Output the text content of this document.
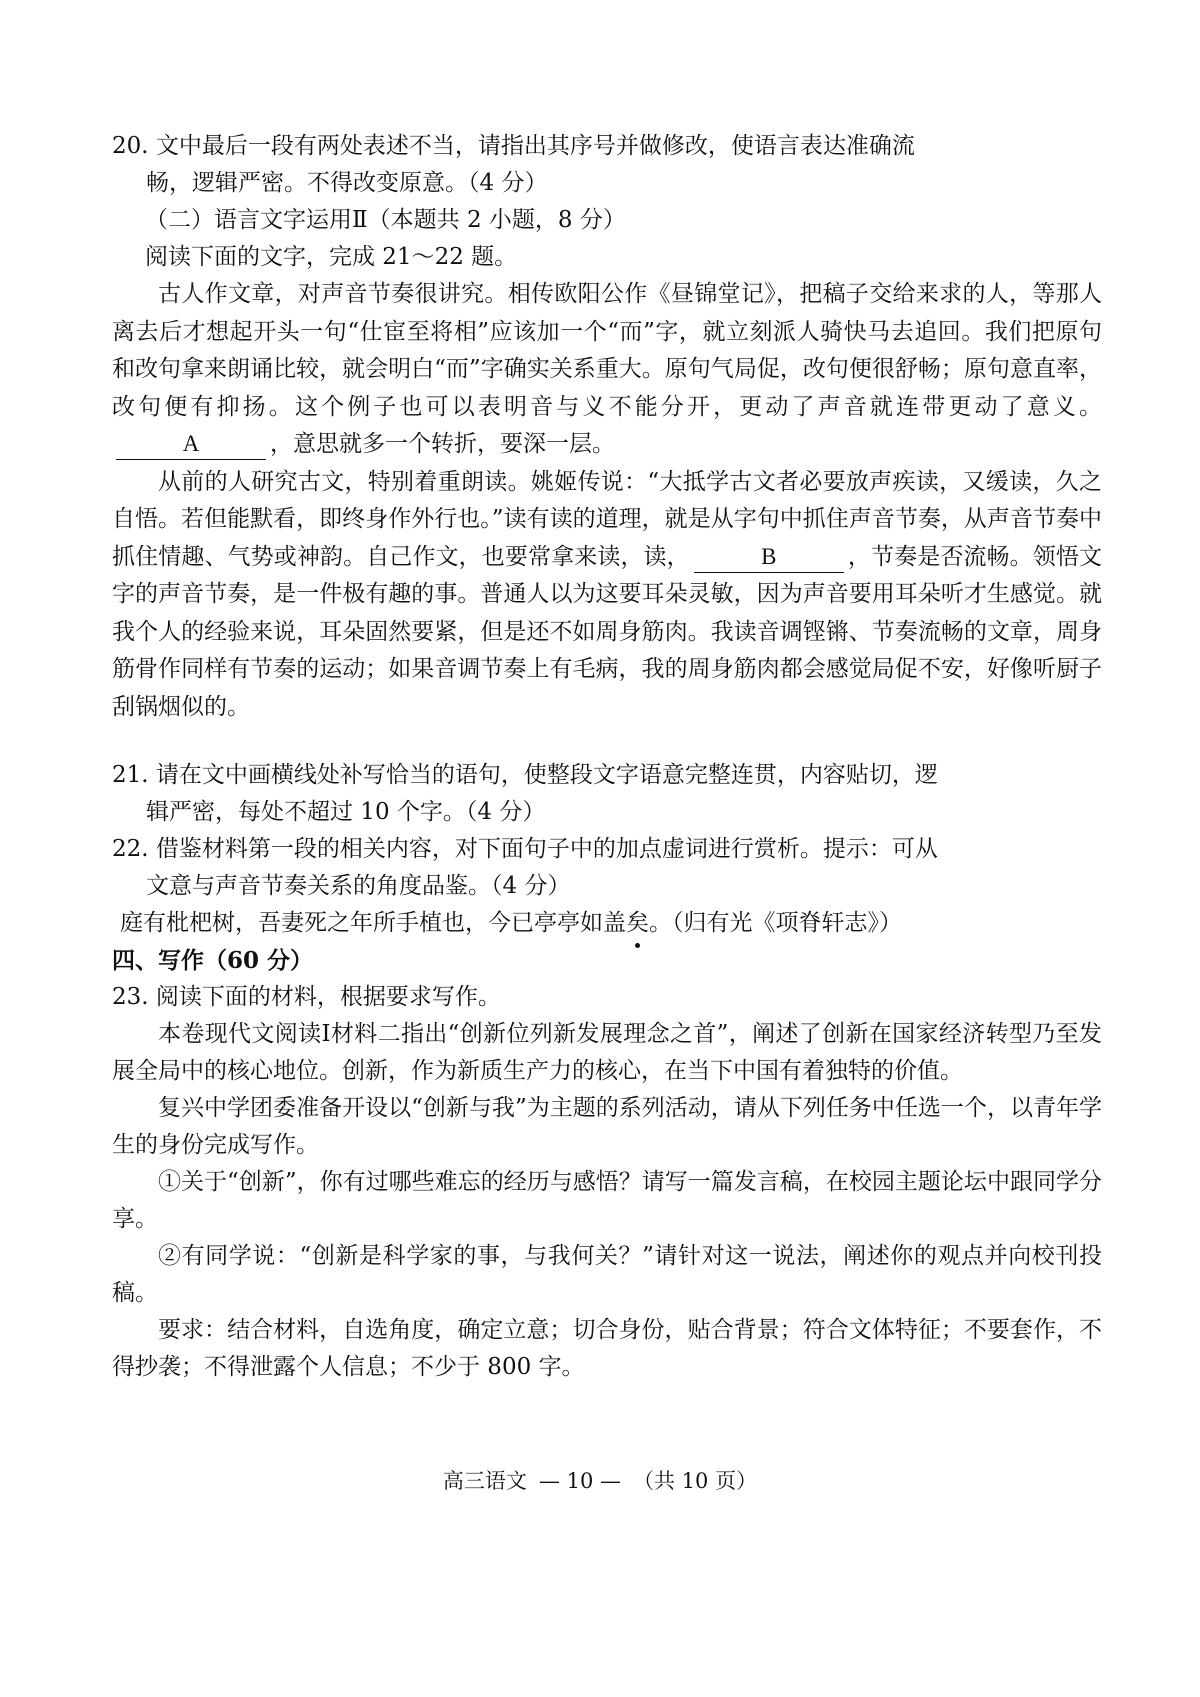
20. 文中最后一段有两处表述不当，请指出其序号并做修改，使语言表达准确流
畅，逻辑严密。不得改变原意。（4 分）
（二）语言文字运用Ⅱ（本题共 2 小题，8 分）
阅读下面的文字，完成 21～22 题。

古人作文章，对声音节奏很讲究。相传欧阳公作《昼锦堂记》，把稿子交给来求的人，等那人离去后才想起开头一句“仕宦至将相”应该加一个“而”字，就立刻派人骑快马去追回。我们把原句和改句拿来朗诵比较，就会明白“而”字确实关系重大。原句气局促，改句便很舒畅；原句意直率，改句便有抑扬。这个例子也可以表明音与义不能分开，更动了声音就连带更动了意义。A	，意思就多一个转折，要深一层。

从前的人研究古文，特别着重朗读。姚姬传说：“大抵学古文者必要放声疾读，又缓读，久之自悟。若但能默看，即终身作外行也。”读有读的道理，就是从字句中抓住声音节奏，从声音节奏中抓住情趣、气势或神韵。自己作文，也要常拿来读，读，	B	，节奏是否流畅。领悟文字的声音节奏，是一件极有趣的事。普通人以为这要耳朵灵敏，因为声音要用耳朵听才生感觉。就我个人的经验来说，耳朵固然要紧，但是还不如周身筋肉。我读音调铿锵、节奏流畅的文章，周身筋骨作同样有节奏的运动；如果音调节奏上有毛病，我的周身筋肉都会感觉局促不安，好像听厨子刮锅烟似的。

21. 请在文中画横线处补写恰当的语句，使整段文字语意完整连贯，内容贴切，逻
辑严密，每处不超过 10 个字。（4 分）
22. 借鉴材料第一段的相关内容，对下面句子中的加点虚词进行赏析。提示：可从
文意与声音节奏关系的角度品鉴。（4 分）
庭有枇杷树，吾妻死之年所手植也，今已亭亭如盖矣。（归有光《项脊轩志》）
四、写作（60 分）
23. 阅读下面的材料，根据要求写作。

本卷现代文阅读Ⅰ材料二指出“创新位列新发展理念之首”，阐述了创新在国家经济转型乃至发展全局中的核心地位。创新，作为新质生产力的核心，在当下中国有着独特的价值。

复兴中学团委准备开设以“创新与我”为主题的系列活动，请从下列任务中任选一个，以青年学生的身份完成写作。

①关于“创新”，你有过哪些难忘的经历与感悟？请写一篇发言稿，在校园主题论坛中跟同学分享。

②有同学说：“创新是科学家的事，与我何关？”请针对这一说法，阐述你的观点并向校刊投稿。

要求：结合材料，自选角度，确定立意；切合身份，贴合背景；符合文体特征；不要套作，不得抄袭；不得泄露个人信息；不少于 800 字。

高三语文 — 10 — （共 10 页）
